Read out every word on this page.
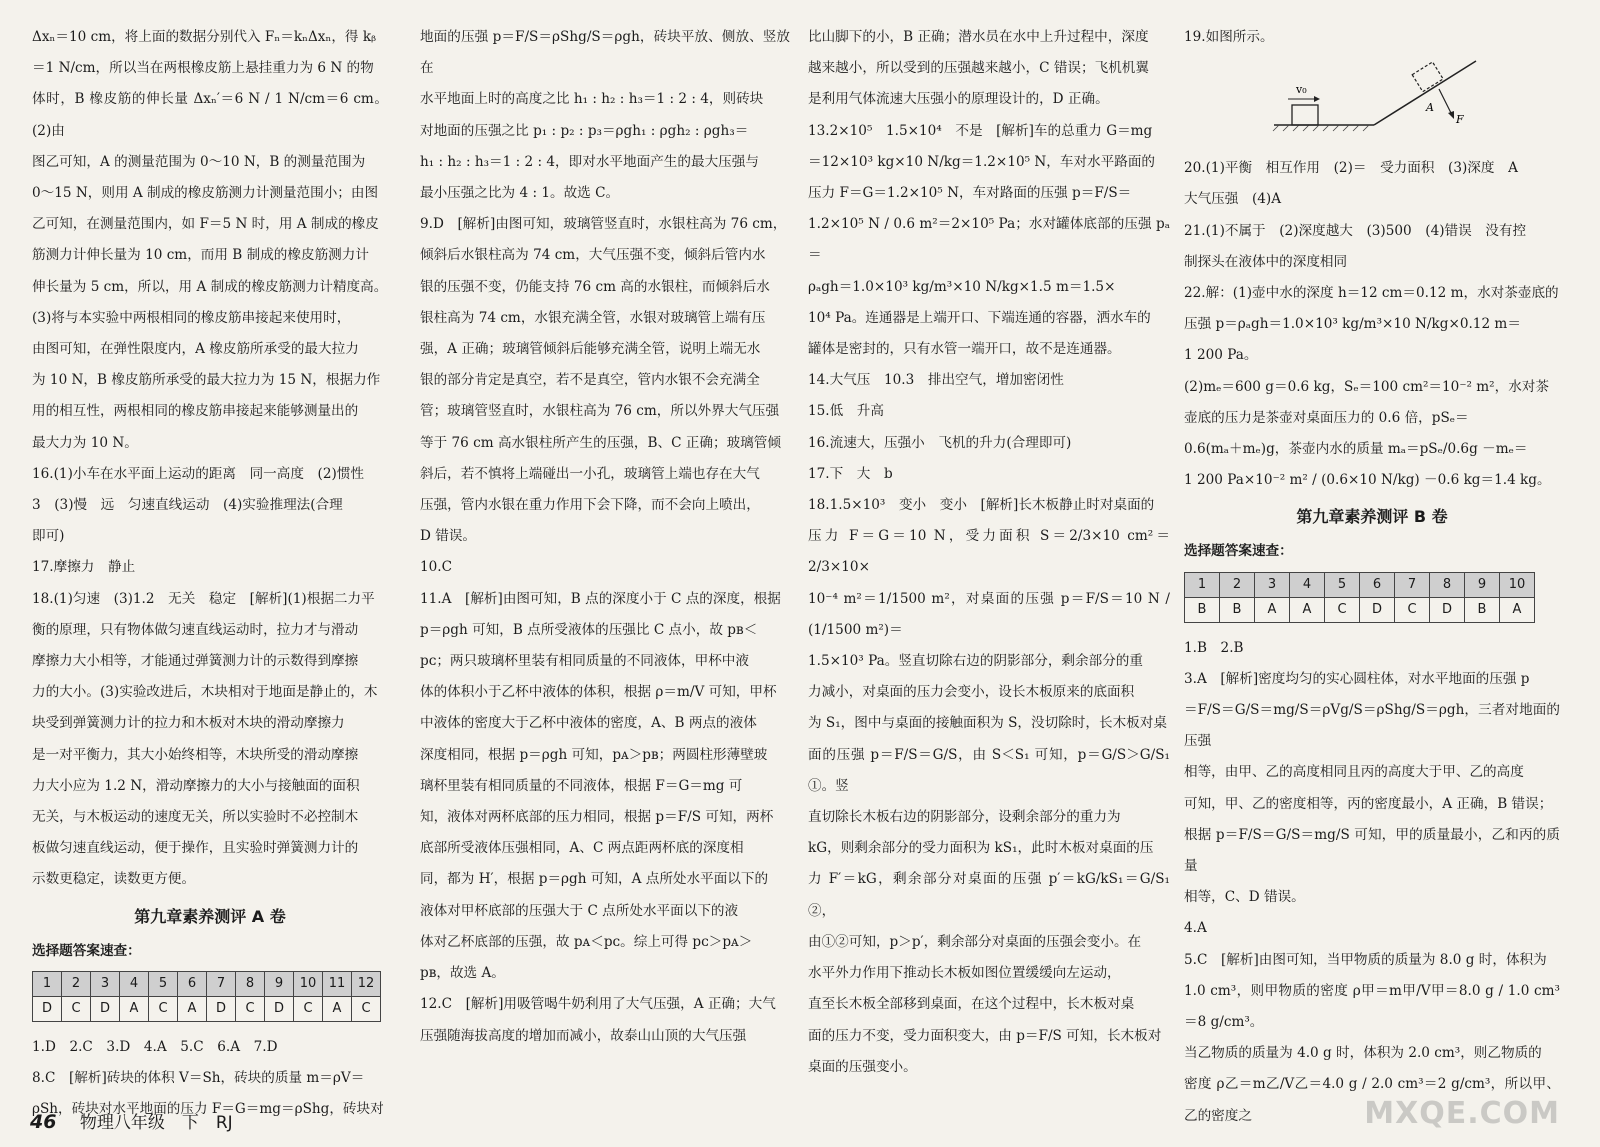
Δxₙ＝10 cm，将上面的数据分别代入 Fₙ＝kₙΔxₙ，得 kᵦ

＝1 N/cm，所以当在两根橡皮筋上悬挂重力为 6 N 的物

体时，B 橡皮筋的伸长量 Δxₙ′＝6 N / 1 N/cm＝6 cm。(2)由

图乙可知，A 的测量范围为 0～10 N，B 的测量范围为

0～15 N，则用 A 制成的橡皮筋测力计测量范围小；由图

乙可知，在测量范围内，如 F＝5 N 时，用 A 制成的橡皮

筋测力计伸长量为 10 cm，而用 B 制成的橡皮筋测力计

伸长量为 5 cm，所以，用 A 制成的橡皮筋测力计精度高。

(3)将与本实验中两根相同的橡皮筋串接起来使用时，

由图可知，在弹性限度内，A 橡皮筋所承受的最大拉力

为 10 N，B 橡皮筋所承受的最大拉力为 15 N，根据力作

用的相互性，两根相同的橡皮筋串接起来能够测量出的

最大力为 10 N。

16.(1)小车在水平面上运动的距离　同一高度　(2)惯性

3　(3)慢　远　匀速直线运动　(4)实验推理法(合理

即可)

17.摩擦力　静止

18.(1)匀速　(3)1.2　无关　稳定　[解析](1)根据二力平

衡的原理，只有物体做匀速直线运动时，拉力才与滑动

摩擦力大小相等，才能通过弹簧测力计的示数得到摩擦

力的大小。(3)实验改进后，木块相对于地面是静止的，木

块受到弹簧测力计的拉力和木板对木块的滑动摩擦力

是一对平衡力，其大小始终相等，木块所受的滑动摩擦

力大小应为 1.2 N，滑动摩擦力的大小与接触面的面积

无关，与木板运动的速度无关，所以实验时不必控制木

板做匀速直线运动，便于操作，且实验时弹簧测力计的

示数更稳定，读数更方便。

第九章素养测评 A 卷
选择题答案速查：
1	2	3	4	5	6	7	8	9	10	11	12
D	C	D	A	C	A	D	C	D	C	A	C

1.D　2.C　3.D　4.A　5.C　6.A　7.D

8.C　[解析]砖块的体积 V＝Sh，砖块的质量 m＝ρV＝

ρSh，砖块对水平地面的压力 F＝G＝mg＝ρShg，砖块对

地面的压强 p＝F/S＝ρShg/S＝ρgh，砖块平放、侧放、竖放在

水平地面上时的高度之比 h₁ : h₂ : h₃＝1 : 2 : 4，则砖块

对地面的压强之比 p₁ : p₂ : p₃＝ρgh₁ : ρgh₂ : ρgh₃＝

h₁ : h₂ : h₃＝1 : 2 : 4，即对水平地面产生的最大压强与

最小压强之比为 4 : 1。故选 C。

9.D　[解析]由图可知，玻璃管竖直时，水银柱高为 76 cm，

倾斜后水银柱高为 74 cm，大气压强不变，倾斜后管内水

银的压强不变，仍能支持 76 cm 高的水银柱，而倾斜后水

银柱高为 74 cm，水银充满全管，水银对玻璃管上端有压

强，A 正确；玻璃管倾斜后能够充满全管，说明上端无水

银的部分肯定是真空，若不是真空，管内水银不会充满全

管；玻璃管竖直时，水银柱高为 76 cm，所以外界大气压强

等于 76 cm 高水银柱所产生的压强，B、C 正确；玻璃管倾

斜后，若不慎将上端碰出一小孔，玻璃管上端也存在大气

压强，管内水银在重力作用下会下降，而不会向上喷出，

D 错误。

10.C

11.A　[解析]由图可知，B 点的深度小于 C 点的深度，根据

p＝ρgh 可知，B 点所受液体的压强比 C 点小，故 pʙ＜

pᴄ；两只玻璃杯里装有相同质量的不同液体，甲杯中液

体的体积小于乙杯中液体的体积，根据 ρ＝m/V 可知，甲杯

中液体的密度大于乙杯中液体的密度，A、B 两点的液体

深度相同，根据 p＝ρgh 可知，pᴀ＞pʙ；两圆柱形薄壁玻

璃杯里装有相同质量的不同液体，根据 F＝G＝mg 可

知，液体对两杯底部的压力相同，根据 p＝F/S 可知，两杯

底部所受液体压强相同，A、C 两点距两杯底的深度相

同，都为 H′，根据 p＝ρgh 可知，A 点所处水平面以下的

液体对甲杯底部的压强大于 C 点所处水平面以下的液

体对乙杯底部的压强，故 pᴀ＜pᴄ。综上可得 pᴄ＞pᴀ＞

pʙ，故选 A。

12.C　[解析]用吸管喝牛奶利用了大气压强，A 正确；大气

压强随海拔高度的增加而减小，故泰山山顶的大气压强

比山脚下的小，B 正确；潜水员在水中上升过程中，深度

越来越小，所以受到的压强越来越小，C 错误；飞机机翼

是利用气体流速大压强小的原理设计的，D 正确。

13.2×10⁵　1.5×10⁴　不是　[解析]车的总重力 G＝mg

＝12×10³ kg×10 N/kg＝1.2×10⁵ N，车对水平路面的

压力 F＝G＝1.2×10⁵ N，车对路面的压强 p＝F/S＝

1.2×10⁵ N / 0.6 m²＝2×10⁵ Pa；水对罐体底部的压强 pₐ＝

ρₐgh＝1.0×10³ kg/m³×10 N/kg×1.5 m＝1.5×

10⁴ Pa。连通器是上端开口、下端连通的容器，洒水车的

罐体是密封的，只有水管一端开口，故不是连通器。

14.大气压　10.3　排出空气，增加密闭性

15.低　升高

16.流速大，压强小　飞机的升力(合理即可)

17.下　大　b

18.1.5×10³　变小　变小　[解析]长木板静止时对桌面的

压力 F＝G＝10 N，受力面积 S＝2/3×10 cm²＝2/3×10×

10⁻⁴ m²＝1/1500 m²，对桌面的压强 p＝F/S＝10 N / (1/1500 m²)＝

1.5×10³ Pa。竖直切除右边的阴影部分，剩余部分的重

力减小，对桌面的压力会变小，设长木板原来的底面积

为 S₁，图中与桌面的接触面积为 S，没切除时，长木板对桌

面的压强 p＝F/S＝G/S，由 S＜S₁ 可知，p＝G/S＞G/S₁　①。竖

直切除长木板右边的阴影部分，设剩余部分的重力为

kG，则剩余部分的受力面积为 kS₁，此时木板对桌面的压

力 F′＝kG，剩余部分对桌面的压强 p′＝kG/kS₁＝G/S₁　②，

由①②可知，p＞p′，剩余部分对桌面的压强会变小。在

水平外力作用下推动长木板如图位置缓缓向左运动，

直至长木板全部移到桌面，在这个过程中，长木板对桌

面的压力不变，受力面积变大，由 p＝F/S 可知，长木板对

桌面的压强变小。

19.如图所示。

v₀
A
F

20.(1)平衡　相互作用　(2)＝　受力面积　(3)深度　A

大气压强　(4)A

21.(1)不属于　(2)深度越大　(3)500　(4)错误　没有控

制探头在液体中的深度相同

22.解：(1)壶中水的深度 h＝12 cm＝0.12 m，水对茶壶底的

压强 p＝ρₐgh＝1.0×10³ kg/m³×10 N/kg×0.12 m＝

1 200 Pa。

(2)mₑ＝600 g＝0.6 kg，Sₑ＝100 cm²＝10⁻² m²，水对茶

壶底的压力是茶壶对桌面压力的 0.6 倍，pSₑ＝

0.6(mₐ＋mₑ)g，茶壶内水的质量 mₐ＝pSₑ/0.6g －mₑ＝

1 200 Pa×10⁻² m² / (0.6×10 N/kg) －0.6 kg＝1.4 kg。

第九章素养测评 B 卷
选择题答案速查：
1	2	3	4	5	6	7	8	9	10
B	B	A	A	C	D	C	D	B	A

1.B　2.B

3.A　[解析]密度均匀的实心圆柱体，对水平地面的压强 p

＝F/S＝G/S＝mg/S＝ρVg/S＝ρShg/S＝ρgh，三者对地面的压强

相等，由甲、乙的高度相同且丙的高度大于甲、乙的高度

可知，甲、乙的密度相等，丙的密度最小，A 正确，B 错误；

根据 p＝F/S＝G/S＝mg/S 可知，甲的质量最小，乙和丙的质量

相等，C、D 错误。

4.A

5.C　[解析]由图可知，当甲物质的质量为 8.0 g 时，体积为

1.0 cm³，则甲物质的密度 ρ甲＝m甲/V甲＝8.0 g / 1.0 cm³＝8 g/cm³。

当乙物质的质量为 4.0 g 时，体积为 2.0 cm³，则乙物质的

密度 ρ乙＝m乙/V乙＝4.0 g / 2.0 cm³＝2 g/cm³，所以甲、乙的密度之

46 物理八年级　下　RJ	MXQE.COM
